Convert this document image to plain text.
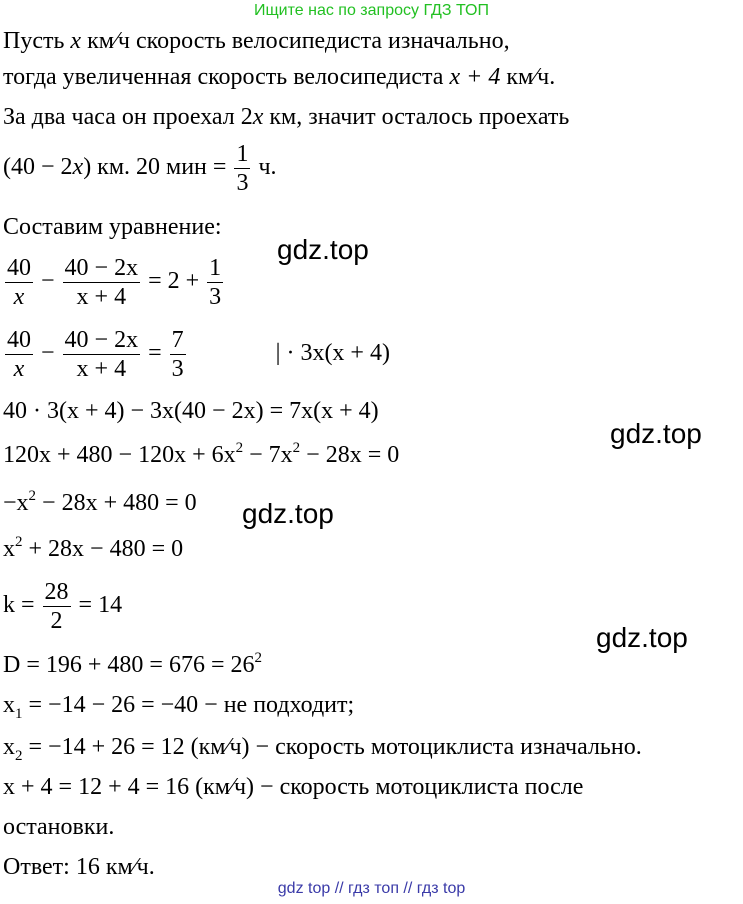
Ищите нас по запросу ГДЗ ТОП
Пусть x км⁄ч скорость велосипедиста изначально,
тогда увеличенная скорость велосипедиста x + 4 км⁄ч.
За два часа он проехал 2x км, значит осталось проехать
(40 − 2x) км. 20 мин = $\frac{1}{3} ч$.
Составим уравнение:
$\frac{40}{x} - \frac{40 - 2x}{x + 4} = 2 + \frac{1}{3}$
$\frac{40}{x} - \frac{40 - 2x}{x + 4} = \frac{7}{3}$	| · 3x(x + 4)
40 · 3(x + 4) − 3x(40 − 2x) = 7x(x + 4)
$120x + 480 - 120x + 6x^2 - 7x^2 - 28x = 0$
$-x^2 - 28x + 480 = 0$
$x^2 + 28x - 480 = 0$
$k = \frac{28}{2} = 14$
$D = 196 + 480 = 676 = 26^2$
$x_1 = -14 - 26 = -40$ − не подходит;
$x_2 = -14 + 26 = 12$ (км⁄ч) − скорость мотоциклиста изначально.
x + 4 = 12 + 4 = 16 (км⁄ч) − скорость мотоциклиста после
остановки.
Ответ: 16 км⁄ч.
gdz.top
gdz.top
gdz.top
gdz.top
gdz top // гдз топ // гдз top
